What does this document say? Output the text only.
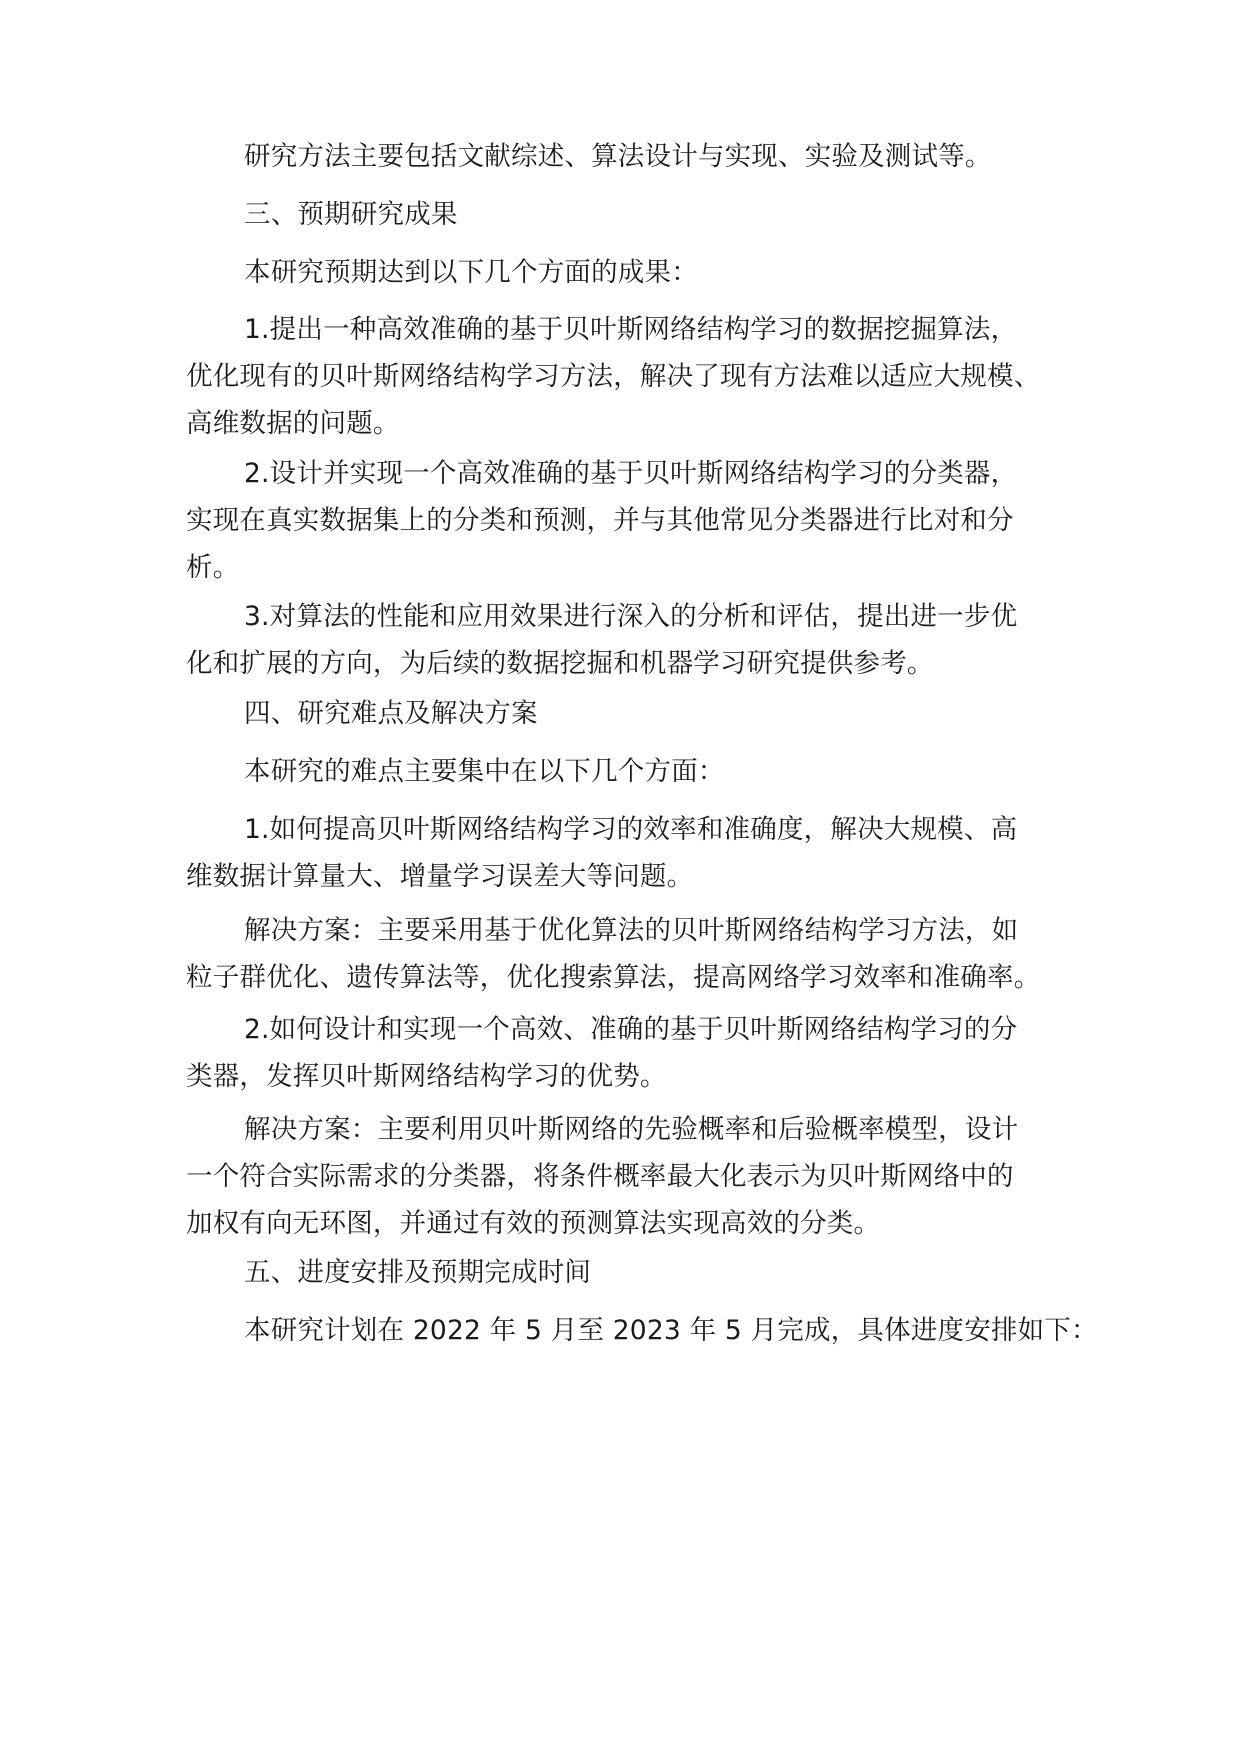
研究方法主要包括文献综述、算法设计与实现、实验及测试等。

三、预期研究成果

本研究预期达到以下几个方面的成果：

1.提出一种高效准确的基于贝叶斯网络结构学习的数据挖掘算法，
优化现有的贝叶斯网络结构学习方法，解决了现有方法难以适应大规模、
高维数据的问题。

2.设计并实现一个高效准确的基于贝叶斯网络结构学习的分类器，
实现在真实数据集上的分类和预测，并与其他常见分类器进行比对和分
析。

3.对算法的性能和应用效果进行深入的分析和评估，提出进一步优
化和扩展的方向，为后续的数据挖掘和机器学习研究提供参考。

四、研究难点及解决方案

本研究的难点主要集中在以下几个方面：

1.如何提高贝叶斯网络结构学习的效率和准确度，解决大规模、高
维数据计算量大、增量学习误差大等问题。

解决方案：主要采用基于优化算法的贝叶斯网络结构学习方法，如
粒子群优化、遗传算法等，优化搜索算法，提高网络学习效率和准确率。

2.如何设计和实现一个高效、准确的基于贝叶斯网络结构学习的分
类器，发挥贝叶斯网络结构学习的优势。

解决方案：主要利用贝叶斯网络的先验概率和后验概率模型，设计
一个符合实际需求的分类器，将条件概率最大化表示为贝叶斯网络中的
加权有向无环图，并通过有效的预测算法实现高效的分类。

五、进度安排及预期完成时间

本研究计划在 2022 年 5 月至 2023 年 5 月完成，具体进度安排如下：
